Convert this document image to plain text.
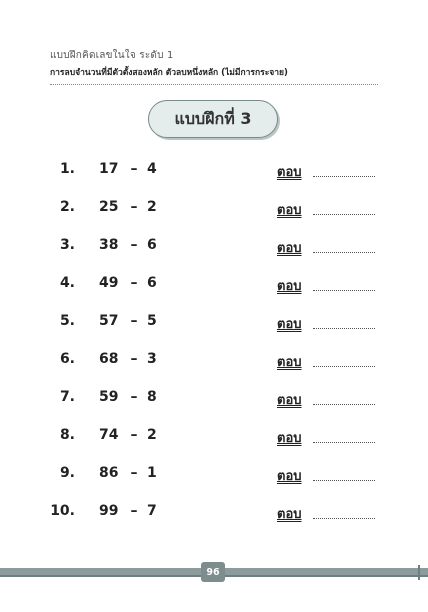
แบบฝึกคิดเลขในใจ ระดับ 1
การลบจำนวนที่มีตัวตั้งสองหลัก ตัวลบหนึ่งหลัก (ไม่มีการกระจาย)
แบบฝึกที่ 3
1. 17 – 4	ตอบ
2. 25 – 2	ตอบ
3. 38 – 6	ตอบ
4. 49 – 6	ตอบ
5. 57 – 5	ตอบ
6. 68 – 3	ตอบ
7. 59 – 8	ตอบ
8. 74 – 2	ตอบ
9. 86 – 1	ตอบ
10. 99 – 7	ตอบ
96
